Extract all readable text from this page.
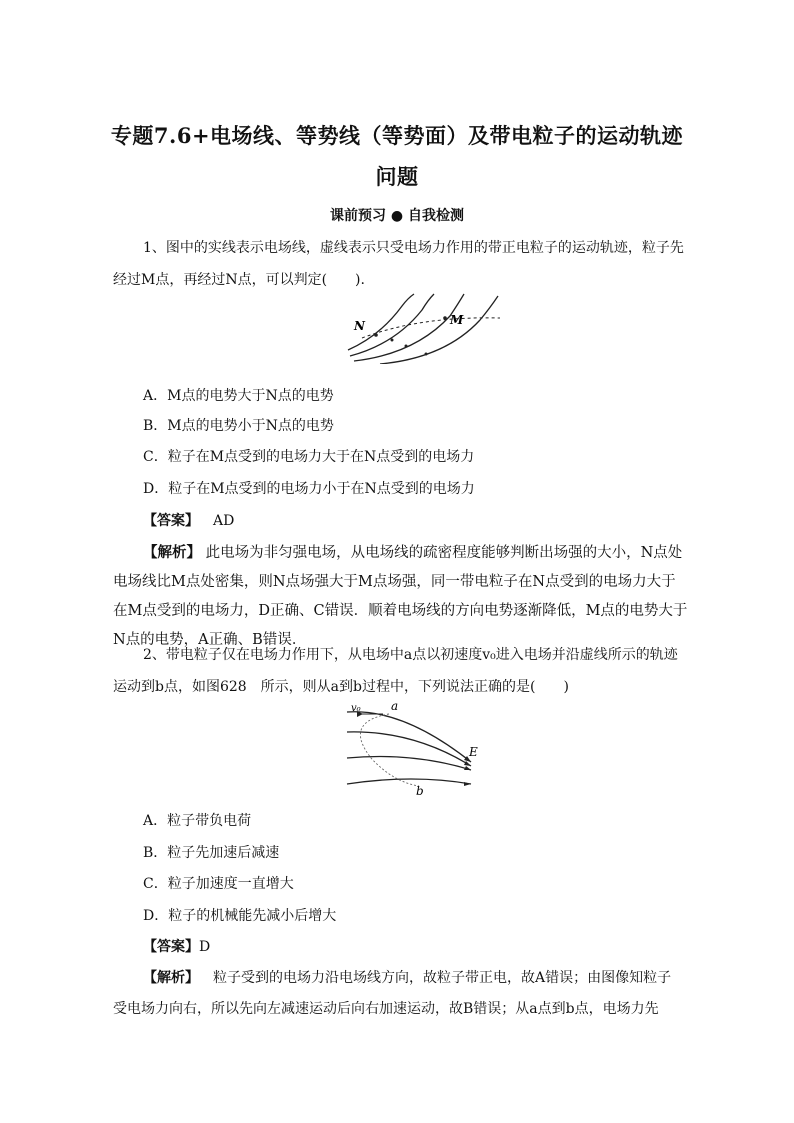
专题7.6+电场线、等势线（等势面）及带电粒子的运动轨迹
问题
课前预习 ● 自我检测
1、图中的实线表示电场线，虚线表示只受电场力作用的带正电粒子的运动轨迹，粒子先
经过M点，再经过N点，可以判定(　　).
N	M
A．M点的电势大于N点的电势
B．M点的电势小于N点的电势
C．粒子在M点受到的电场力大于在N点受到的电场力
D．粒子在M点受到的电场力小于在N点受到的电场力
【答案】 AD
【解析】 此电场为非匀强电场，从电场线的疏密程度能够判断出场强的大小，N点处电场线比M点处密集，则N点场强大于M点场强，同一带电粒子在N点受到的电场力大于在M点受到的电场力，D正确、C错误．顺着电场线的方向电势逐渐降低，M点的电势大于N点的电势，A正确、B错误．
2、带电粒子仅在电场力作用下，从电场中a点以初速度v₀进入电场并沿虚线所示的轨迹
运动到b点，如图628　所示，则从a到b过程中，下列说法正确的是(　　)
v₀	a
E
b
A．粒子带负电荷
B．粒子先加速后减速
C．粒子加速度一直增大
D．粒子的机械能先减小后增大
【答案】D
【解析】  粒子受到的电场力沿电场线方向，故粒子带正电，故A错误；由图像知粒子
受电场力向右，所以先向左减速运动后向右加速运动，故B错误；从a点到b点，电场力先
